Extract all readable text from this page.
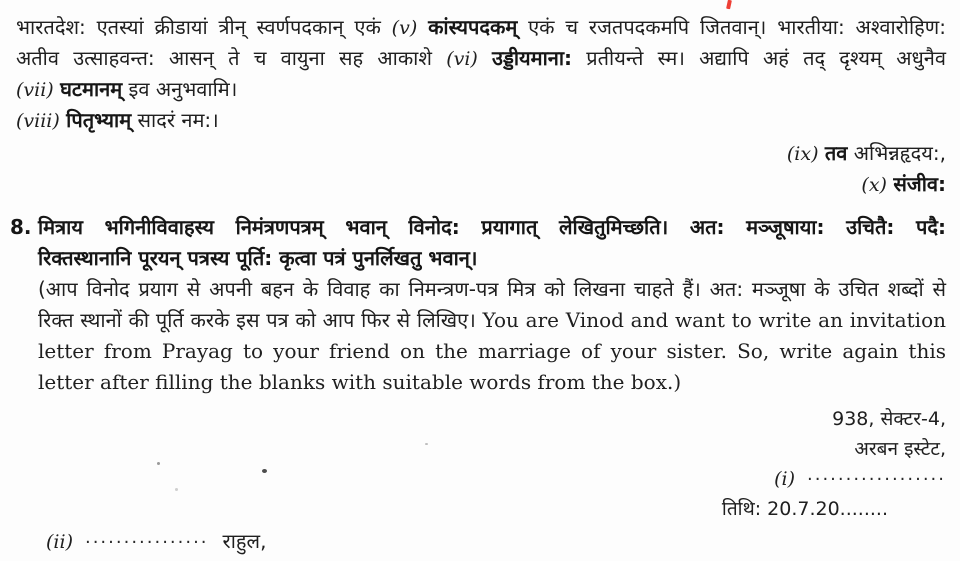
भारतदेश: एतस्यां क्रीडायां त्रीन् स्वर्णपदकान् एकं (v) कांस्यपदकम् एकं च रजतपदकमपि जितवान्। भारतीया: अश्वारोहिण:
अतीव उत्साहवन्त: आसन् ते च वायुना सह आकाशे (vi) उड्डीयमाना: प्रतीयन्ते स्म। अद्यापि अहं तद् दृश्यम् अधुनैव
(vii) घटमानम् इव अनुभवामि।
(viii) पितृभ्याम् सादरं नम:।
(ix) तव अभिन्नहृदय:,
(x) संजीव:
8. मित्राय भगिनीविवाहस्य निमंत्रणपत्रम् भवान् विनोद: प्रयागात् लेखितुमिच्छति। अत: मञ्जूषाया: उचितै: पदै:
रिक्तस्थानानि पूरयन् पत्रस्य पूर्ति: कृत्वा पत्रं पुनर्लिखतु भवान्।
(आप विनोद प्रयाग से अपनी बहन के विवाह का निमन्त्रण-पत्र मित्र को लिखना चाहते हैं। अत: मञ्जूषा के उचित शब्दों से
रिक्त स्थानों की पूर्ति करके इस पत्र को आप फिर से लिखिए। You are Vinod and want to write an invitation
letter from Prayag to your friend on the marriage of your sister. So, write again this
letter after filling the blanks with suitable words from the box.)
938, सेक्टर-4,
अरबन इस्टेट,
(i) ··················
तिथि: 20.7.20........
(ii) ················ राहुल,
